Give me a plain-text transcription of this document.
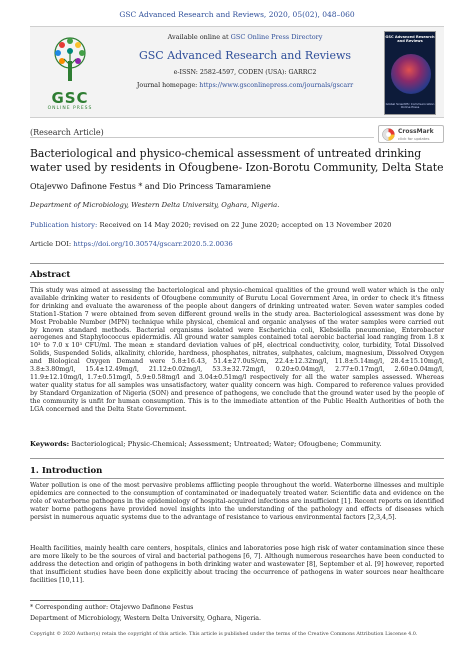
GSC Advanced Research and Reviews, 2020, 05(02), 048–060
GSC
ONLINE PRESS
Available online at GSC Online Press Directory
GSC Advanced Research and Reviews
e-ISSN: 2582-4597, CODEN (USA): GARRC2
Journal homepage: https://www.gsconlinepress.com/journals/gscarr
GSC Advanced Research and Reviews
Global Scientific Communication Online Press
(Research Article)	CrossMark
click for updates
Bacteriological and physico-chemical assessment of untreated drinking water used by residents in Ofougbene- Izon-Borotu Community, Delta State
Otajevwo Dafinone Festus * and Dio Princess Tamaramiene
Department of Microbiology, Western Delta University, Oghara, Nigeria.
Publication history: Received on 14 May 2020; revised on 22 June 2020; accepted on 13 November 2020
Article DOI: https://doi.org/10.30574/gscarr.2020.5.2.0036
Abstract
This study was aimed at assessing the bacteriological and physio-chemical qualities of the ground well water which is the only available drinking water to residents of Ofougbene community of Burutu Local Government Area, in order to check it's fitness for drinking and evaluate the awareness of the people about dangers of drinking untreated water. Seven water samples coded Station1-Station 7 were obtained from seven different ground wells in the study area. Bacteriological assessment was done by Most Probable Number (MPN) technique while physical, chemical and organic analyses of the water samples were carried out by known standard methods. Bacterial organisms isolated were Escherichia coli, Klebsiella pneumoniae, Enterobacter aerogenes and Staphylococcus epidermidis. All ground water samples contained total aerobic bacterial load ranging from 1.8 x 10³ to 7.0 x 10³ CFU/ml. The mean ± standard deviation values of pH, electrical conductivity, color, turbidity, Total Dissolved Solids, Suspended Solids, alkalinity, chloride, hardness, phosphates, nitrates, sulphates, calcium, magnesium, Dissolved Oxygen and Biological Oxygen Demand were 5.8±16.43, 51.4±27.0uS/cm, 22.4±12.32mg/l, 11.8±5.14mg/l, 28.4±15.10mg/l, 3.8±3.80mg/l, 15.4±12.49mg/l, 21.12±0.02mg/l, 53.3±32.72mg/l, 0.20±0.04mg/l, 2.77±0.17mg/l, 2.60±0.04mg/l, 11.9±12.10mg/l, 1.7±0.51mg/l, 5.9±0.58mg/l and 3.04±0.51mg/l respectively for all the water samples assessed. Whereas water quality status for all samples was unsatisfactory, water quality concern was high. Compared to reference values provided by Standard Organization of Nigeria (SON) and presence of pathogens, we conclude that the ground water used by the people of the community is unfit for human consumption. This is to the immediate attention of the Public Health Authorities of both the LGA concerned and the Delta State Government.
Keywords: Bacteriological; Physic-Chemical; Assessment; Untreated; Water; Ofougbene; Community.
1. Introduction
Water pollution is one of the most pervasive problems afflicting people throughout the world. Waterborne illnesses and multiple epidemics are connected to the consumption of contaminated or inadequately treated water. Scientific data and evidence on the role of waterborne pathogens in the epidemiology of hospital-acquired infections are insufficient [1]. Recent reports on identified water borne pathogens have provided novel insights into the understanding of the pathology and effects of diseases which persist in numerous aquatic systems due to the advantage of resistance to various environmental factors [2,3,4,5].
Health facilities, mainly health care centers, hospitals, clinics and laboratories pose high risk of water contamination since these are more likely to be the sources of viral and bacterial pathogens [6, 7]. Although numerous researches have been conducted to address the detection and origin of pathogens in both drinking water and wastewater [8], September et al. [9] however, reported that insufficient studies have been done explicitly about tracing the occurrence of pathogens in water sources near healthcare facilities [10,11].
* Corresponding author: Otajevwo Dafinone Festus
Department of Microbiology, Western Delta University, Oghara, Nigeria.
Copyright © 2020 Author(s) retain the copyright of this article. This article is published under the terms of the Creative Commons Attribution Liscense 4.0.
